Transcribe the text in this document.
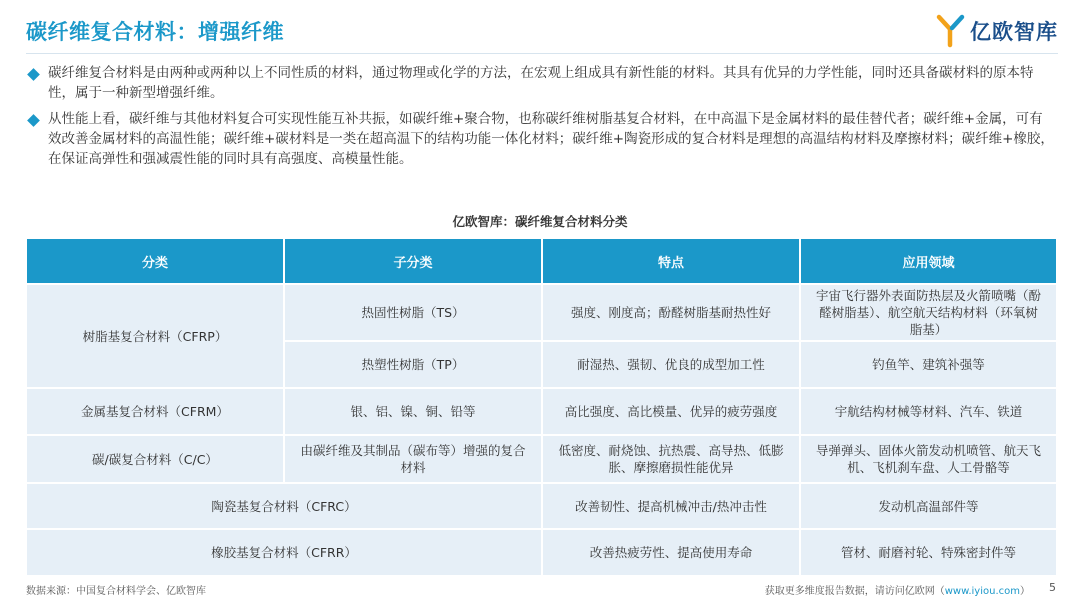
碳纤维复合材料：增强纤维	亿欧智库

碳纤维复合材料是由两种或两种以上不同性质的材料，通过物理或化学的方法，在宏观上组成具有新性能的材料。其具有优异的力学性能，同时还具备碳材料的原本特性，属于一种新型增强纤维。

从性能上看，碳纤维与其他材料复合可实现性能互补共振，如碳纤维+聚合物，也称碳纤维树脂基复合材料，在中高温下是金属材料的最佳替代者；碳纤维+金属，可有效改善金属材料的高温性能；碳纤维+碳材料是一类在超高温下的结构功能一体化材料；碳纤维+陶瓷形成的复合材料是理想的高温结构材料及摩擦材料；碳纤维+橡胶，在保证高弹性和强减震性能的同时具有高强度、高模量性能。

亿欧智库：碳纤维复合材料分类
分类	子分类	特点	应用领域
树脂基复合材料（CFRP）	热固性树脂（TS）	强度、刚度高；酚醛树脂基耐热性好	宇宙飞行器外表面防热层及火箭喷嘴（酚醛树脂基）、航空航天结构材料（环氧树脂基）
	热塑性树脂（TP）	耐湿热、强韧、优良的成型加工性	钓鱼竿、建筑补强等
金属基复合材料（CFRM）	银、铝、镍、铜、铅等	高比强度、高比模量、优异的疲劳强度	宇航结构材械等材料、汽车、铁道
碳/碳复合材料（C/C）	由碳纤维及其制品（碳布等）增强的复合材料	低密度、耐烧蚀、抗热震、高导热、低膨胀、摩擦磨损性能优异	导弹弹头、固体火箭发动机喷管、航天飞机、飞机刹车盘、人工骨骼等
陶瓷基复合材料（CFRC）		改善韧性、提高机械冲击/热冲击性	发动机高温部件等
橡胶基复合材料（CFRR）		改善热疲劳性、提高使用寿命	管材、耐磨衬轮、特殊密封件等
数据来源：中国复合材料学会、亿欧智库	获取更多维度报告数据，请访问亿欧网（www.iyiou.com） 5
